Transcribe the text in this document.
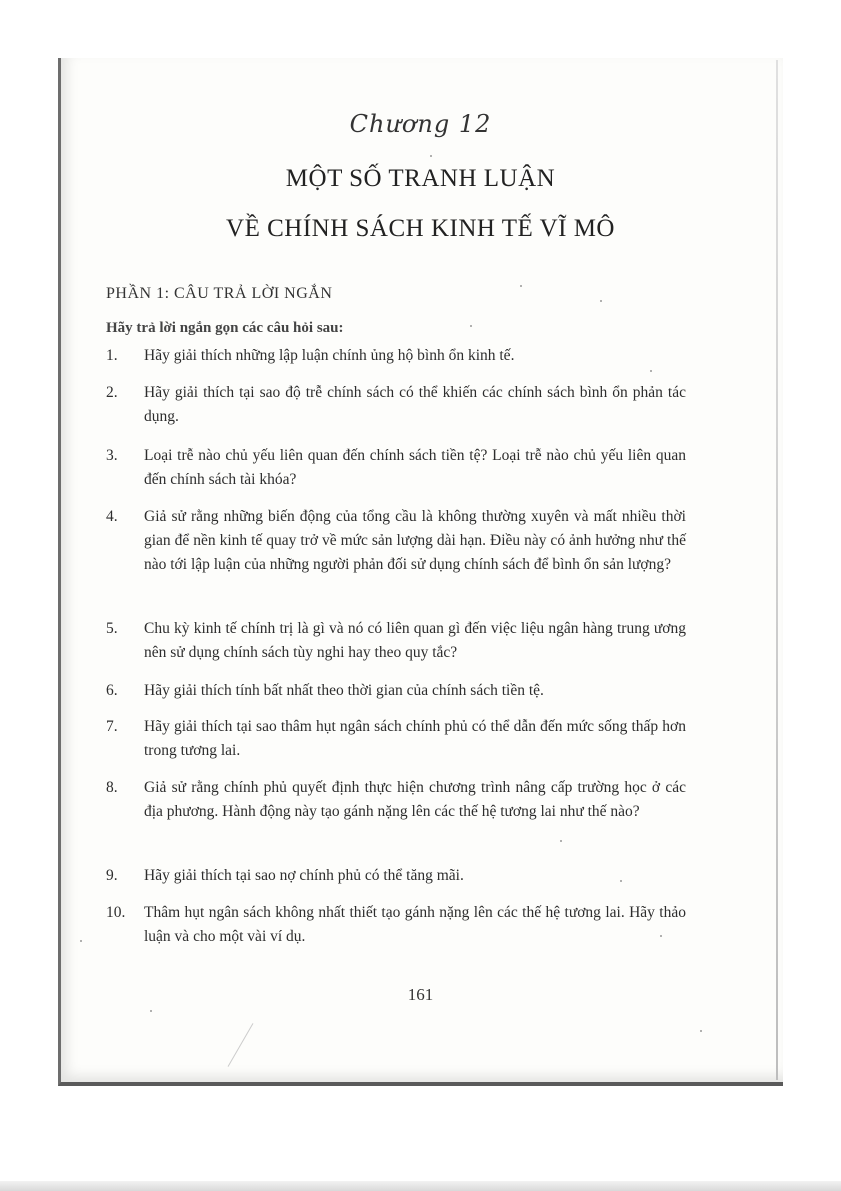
Chương 12
MỘT SỐ TRANH LUẬN
VỀ CHÍNH SÁCH KINH TẾ VĨ MÔ
PHẦN 1: CÂU TRẢ LỜI NGẮN
Hãy trả lời ngắn gọn các câu hỏi sau:
1.	Hãy giải thích những lập luận chính ủng hộ bình ổn kinh tế.
2.	Hãy giải thích tại sao độ trễ chính sách có thể khiến các chính sách bình ổn phản tác dụng.
3.	Loại trễ nào chủ yếu liên quan đến chính sách tiền tệ? Loại trễ nào chủ yếu liên quan đến chính sách tài khóa?
4.	Giả sử rằng những biến động của tổng cầu là không thường xuyên và mất nhiều thời gian để nền kinh tế quay trở về mức sản lượng dài hạn. Điều này có ảnh hưởng như thế nào tới lập luận của những người phản đối sử dụng chính sách để bình ổn sản lượng?
5.	Chu kỳ kinh tế chính trị là gì và nó có liên quan gì đến việc liệu ngân hàng trung ương nên sử dụng chính sách tùy nghi hay theo quy tắc?
6.	Hãy giải thích tính bất nhất theo thời gian của chính sách tiền tệ.
7.	Hãy giải thích tại sao thâm hụt ngân sách chính phủ có thể dẫn đến mức sống thấp hơn trong tương lai.
8.	Giả sử rằng chính phủ quyết định thực hiện chương trình nâng cấp trường học ở các địa phương. Hành động này tạo gánh nặng lên các thế hệ tương lai như thế nào?
9.	Hãy giải thích tại sao nợ chính phủ có thể tăng mãi.
10.	Thâm hụt ngân sách không nhất thiết tạo gánh nặng lên các thế hệ tương lai. Hãy thảo luận và cho một vài ví dụ.
161
